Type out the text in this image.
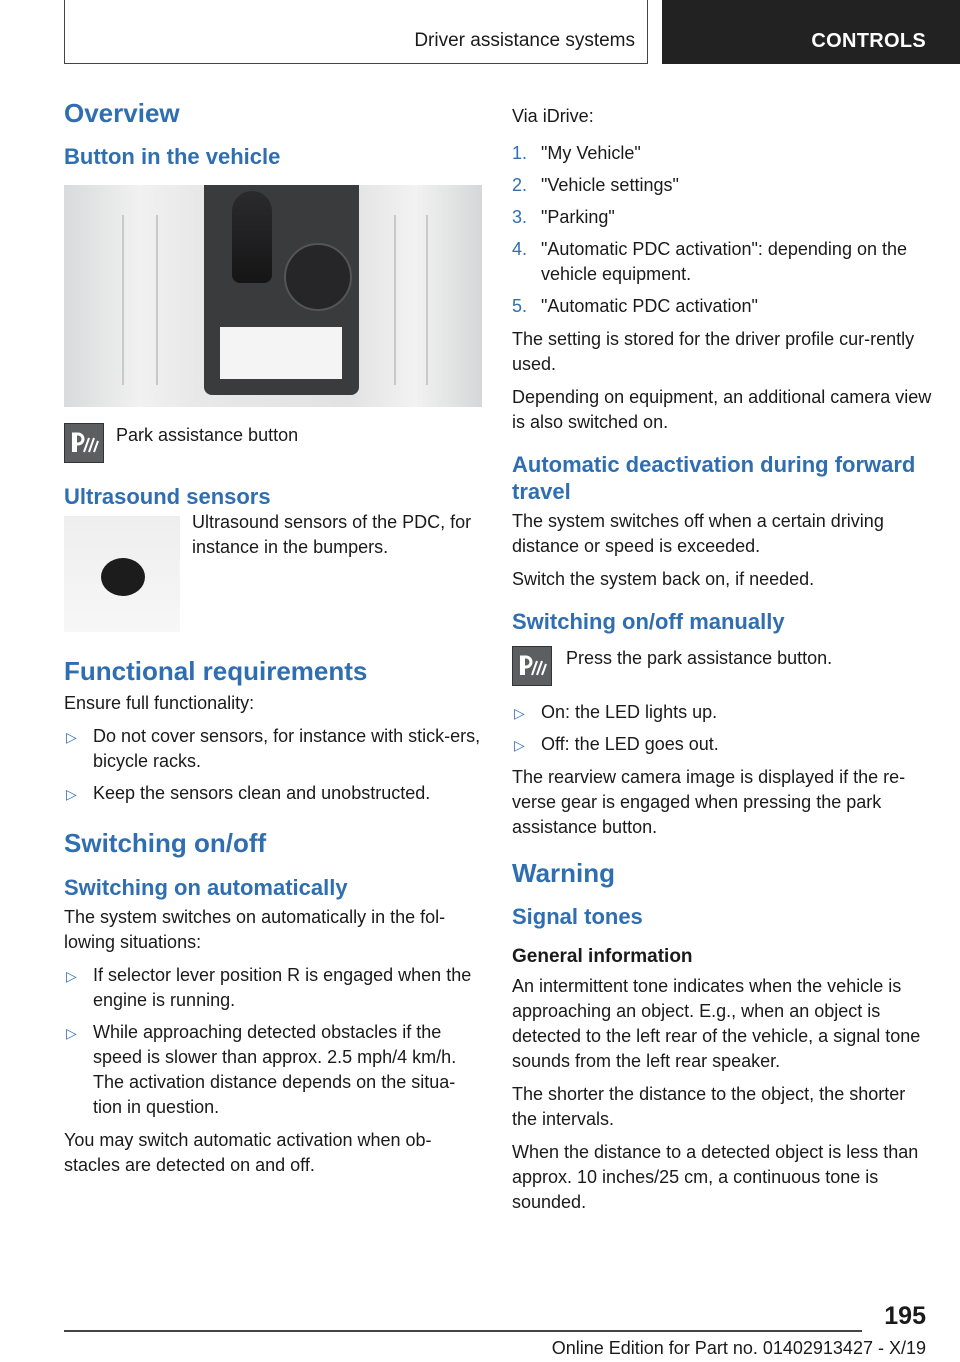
Driver assistance systems	CONTROLS
Overview
Button in the vehicle
Park assistance button
Ultrasound sensors

Ultrasound sensors of the PDC, for instance in the bumpers.

Functional requirements

Ensure full functionality:

▷ Do not cover sensors, for instance with stick‐ers, bicycle racks.
▷ Keep the sensors clean and unobstructed.
Switching on/off
Switching on automatically

The system switches on automatically in the fol‐lowing situations:

▷ If selector lever position R is engaged when the engine is running.
▷ While approaching detected obstacles if the speed is slower than approx. 2.5 mph/4 km/h. The activation distance depends on the situa‐tion in question.

You may switch automatic activation when ob‐stacles are detected on and off.

Via iDrive:

1. "My Vehicle"
2. "Vehicle settings"
3. "Parking"
4. "Automatic PDC activation": depending on the vehicle equipment.
5. "Automatic PDC activation"

The setting is stored for the driver profile cur‐rently used.

Depending on equipment, an additional camera view is also switched on.

Automatic deactivation during forward travel

The system switches off when a certain driving distance or speed is exceeded.

Switch the system back on, if needed.

Switching on/off manually

Press the park assistance button.

▷ On: the LED lights up.
▷ Off: the LED goes out.

The rearview camera image is displayed if the re‐verse gear is engaged when pressing the park assistance button.

Warning
Signal tones
General information

An intermittent tone indicates when the vehicle is approaching an object. E.g., when an object is detected to the left rear of the vehicle, a signal tone sounds from the left rear speaker.

The shorter the distance to the object, the shorter the intervals.

When the distance to a detected object is less than approx. 10 inches/25 cm, a continuous tone is sounded.

195
Online Edition for Part no. 01402913427 - X/19
